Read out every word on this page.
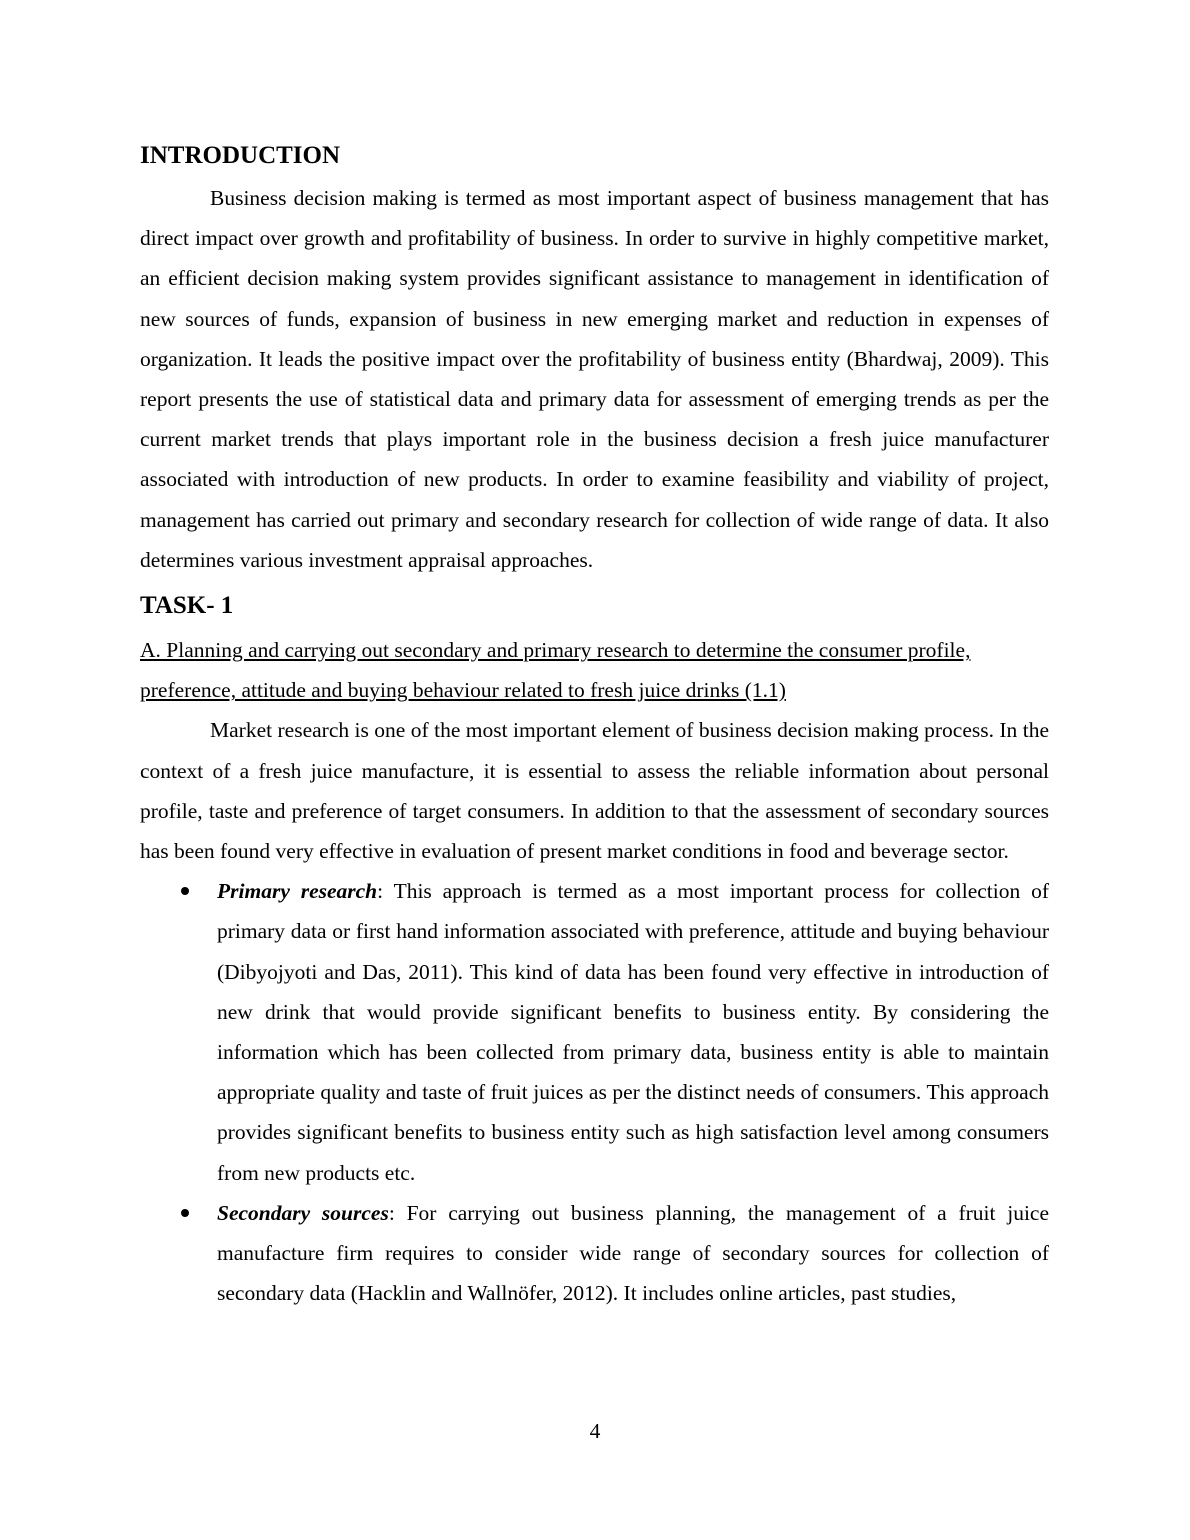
INTRODUCTION

Business decision making is termed as most important aspect of business management that has direct impact over growth and profitability of business. In order to survive in highly competitive market, an efficient decision making system provides significant assistance to management in identification of new sources of funds, expansion of business in new emerging market and reduction in expenses of organization. It leads the positive impact over the profitability of business entity (Bhardwaj, 2009). This report presents the use of statistical data and primary data for assessment of emerging trends as per the current market trends that plays important role in the business decision a fresh juice manufacturer associated with introduction of new products. In order to examine feasibility and viability of project, management has carried out primary and secondary research for collection of wide range of data. It also determines various investment appraisal approaches.

TASK- 1

A. Planning and carrying out secondary and primary research to determine the consumer profile, preference, attitude and buying behaviour related to fresh juice drinks (1.1)

Market research is one of the most important element of business decision making process. In the context of a fresh juice manufacture, it is essential to assess the reliable information about personal profile, taste and preference of target consumers. In addition to that the assessment of secondary sources has been found very effective in evaluation of present market conditions in food and beverage sector.

Primary research: This approach is termed as a most important process for collection of primary data or first hand information associated with preference, attitude and buying behaviour (Dibyojyoti and Das, 2011). This kind of data has been found very effective in introduction of new drink that would provide significant benefits to business entity. By considering the information which has been collected from primary data, business entity is able to maintain appropriate quality and taste of fruit juices as per the distinct needs of consumers. This approach provides significant benefits to business entity such as high satisfaction level among consumers from new products etc.
Secondary sources: For carrying out business planning, the management of a fruit juice manufacture firm requires to consider wide range of secondary sources for collection of secondary data (Hacklin and Wallnöfer, 2012). It includes online articles, past studies,
4
